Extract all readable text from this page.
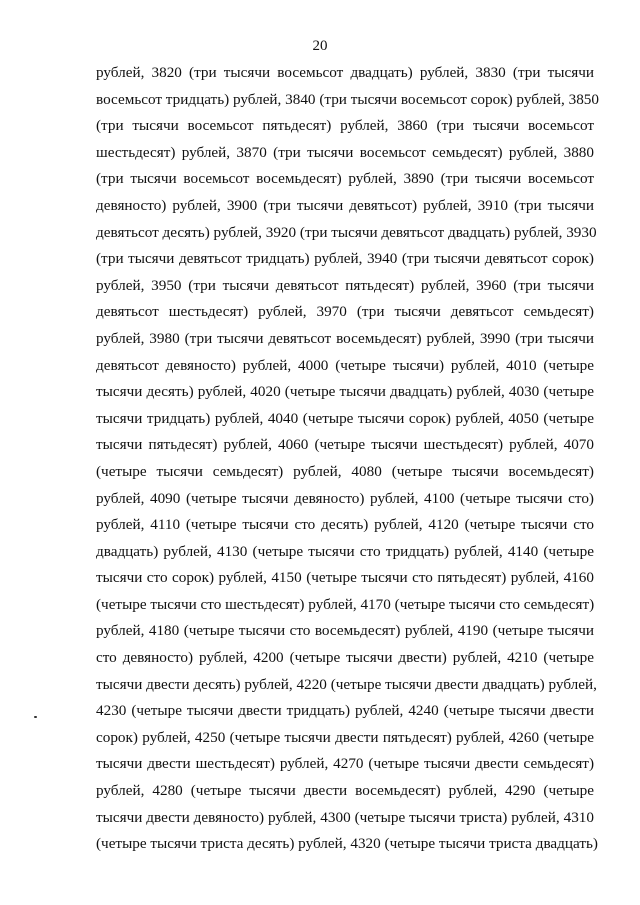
20
рублей, 3820 (три тысячи восемьсот двадцать) рублей, 3830 (три тысячи
восемьсот тридцать) рублей, 3840 (три тысячи восемьсот сорок) рублей, 3850
(три тысячи восемьсот пятьдесят) рублей, 3860 (три тысячи восемьсот
шестьдесят) рублей, 3870 (три тысячи восемьсот семьдесят) рублей, 3880
(три тысячи восемьсот восемьдесят) рублей, 3890 (три тысячи восемьсот
девяносто) рублей, 3900 (три тысячи девятьсот) рублей, 3910 (три тысячи
девятьсот десять) рублей, 3920 (три тысячи девятьсот двадцать) рублей, 3930
(три тысячи девятьсот тридцать) рублей, 3940 (три тысячи девятьсот сорок)
рублей, 3950 (три тысячи девятьсот пятьдесят) рублей, 3960 (три тысячи
девятьсот шестьдесят) рублей, 3970 (три тысячи девятьсот семьдесят)
рублей, 3980 (три тысячи девятьсот восемьдесят) рублей, 3990 (три тысячи
девятьсот девяносто) рублей, 4000 (четыре тысячи) рублей, 4010 (четыре
тысячи десять) рублей, 4020 (четыре тысячи двадцать) рублей, 4030 (четыре
тысячи тридцать) рублей, 4040 (четыре тысячи сорок) рублей, 4050 (четыре
тысячи пятьдесят) рублей, 4060 (четыре тысячи шестьдесят) рублей, 4070
(четыре тысячи семьдесят) рублей, 4080 (четыре тысячи восемьдесят)
рублей, 4090 (четыре тысячи девяносто) рублей, 4100 (четыре тысячи сто)
рублей, 4110 (четыре тысячи сто десять) рублей, 4120 (четыре тысячи сто
двадцать) рублей, 4130 (четыре тысячи сто тридцать) рублей, 4140 (четыре
тысячи сто сорок) рублей, 4150 (четыре тысячи сто пятьдесят) рублей, 4160
(четыре тысячи сто шестьдесят) рублей, 4170 (четыре тысячи сто семьдесят)
рублей, 4180 (четыре тысячи сто восемьдесят) рублей, 4190 (четыре тысячи
сто девяносто) рублей, 4200 (четыре тысячи двести) рублей, 4210 (четыре
тысячи двести десять) рублей, 4220 (четыре тысячи двести двадцать) рублей,
4230 (четыре тысячи двести тридцать) рублей, 4240 (четыре тысячи двести
сорок) рублей, 4250 (четыре тысячи двести пятьдесят) рублей, 4260 (четыре
тысячи двести шестьдесят) рублей, 4270 (четыре тысячи двести семьдесят)
рублей, 4280 (четыре тысячи двести восемьдесят) рублей, 4290 (четыре
тысячи двести девяносто) рублей, 4300 (четыре тысячи триста) рублей, 4310
(четыре тысячи триста десять) рублей, 4320 (четыре тысячи триста двадцать)
